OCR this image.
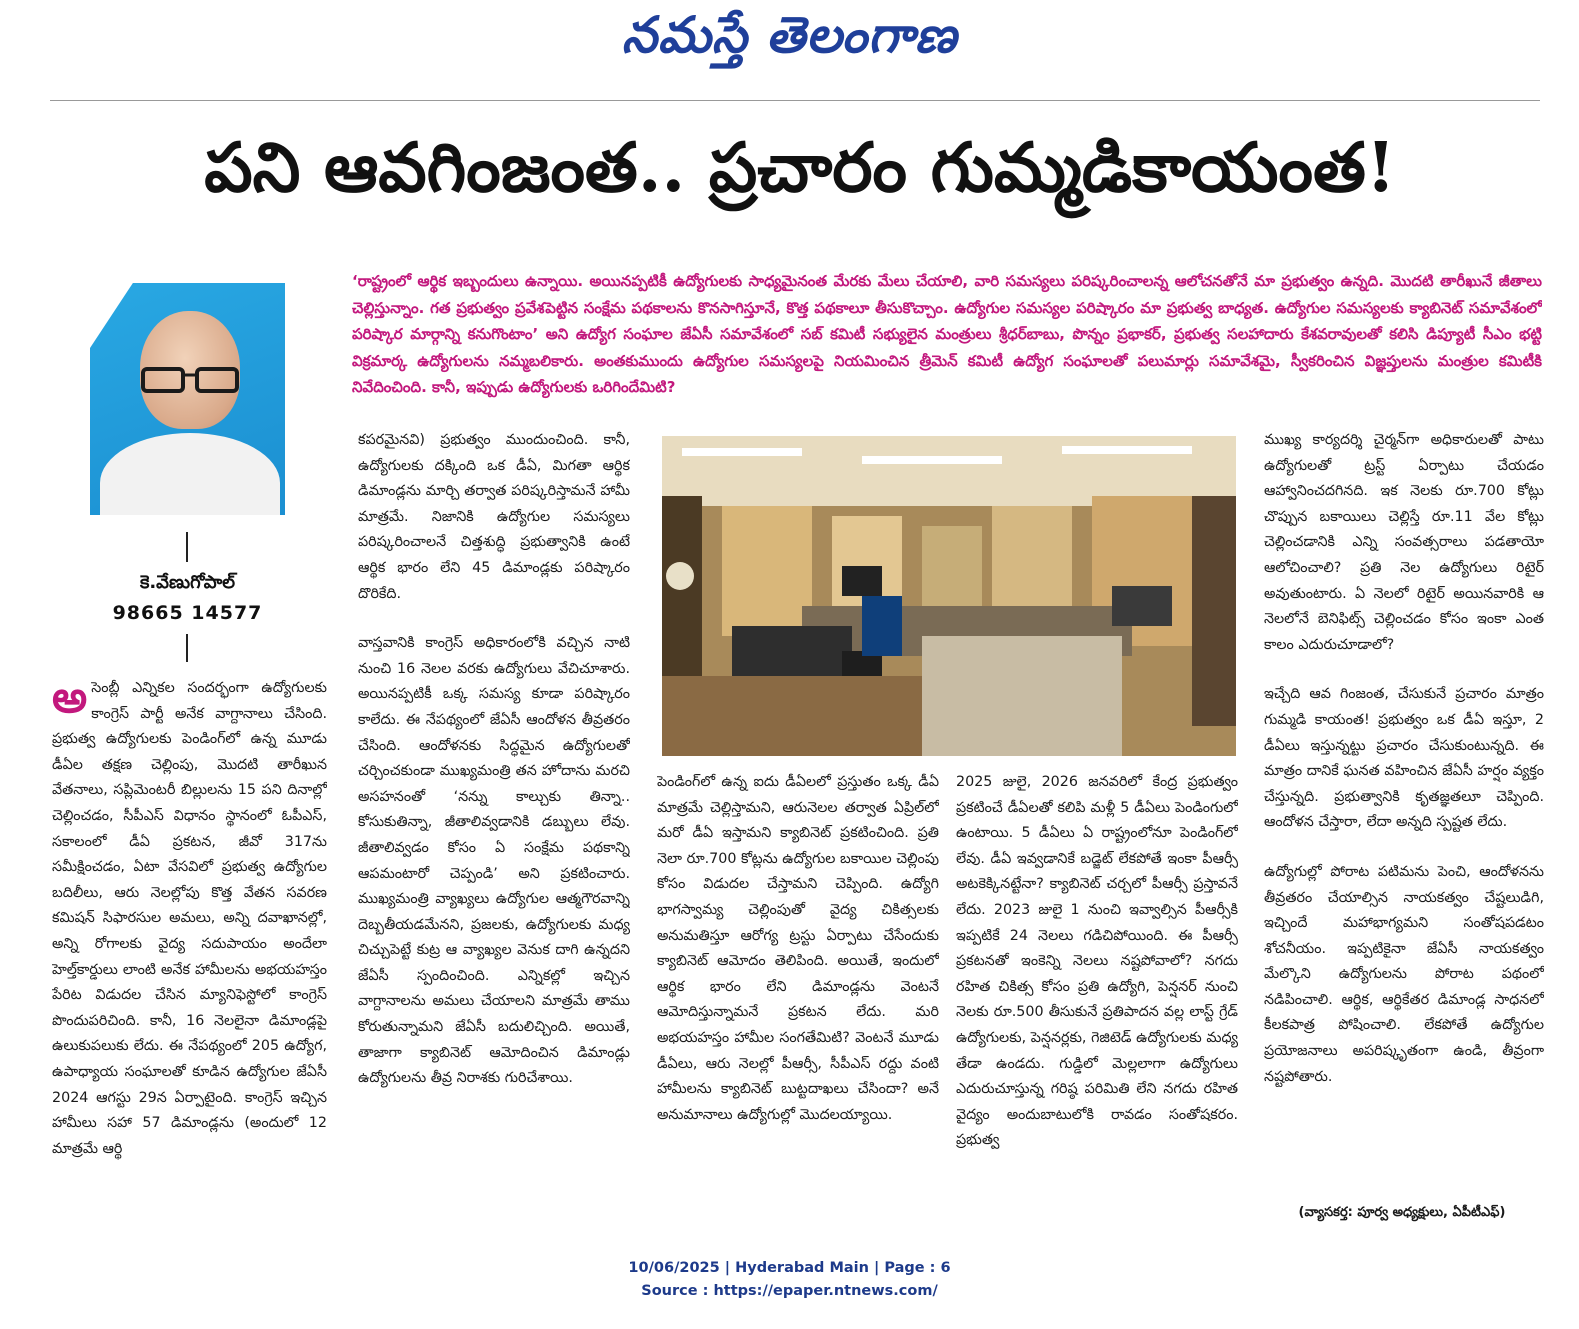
నమస్తే తెలంగాణ
పని ఆవగింజంత.. ప్రచారం గుమ్మడికాయంత!
‘రాష్ట్రంలో ఆర్థిక ఇబ్బందులు ఉన్నాయి. అయినప్పటికీ ఉద్యోగులకు సాధ్యమైనంత మేరకు మేలు చేయాలి, వారి సమస్యలు పరిష్కరించాలన్న ఆలోచనతోనే మా ప్రభుత్వం ఉన్నది. మొదటి తారీఖునే జీతాలు చెల్లిస్తున్నాం. గత ప్రభుత్వం ప్రవేశపెట్టిన సంక్షేమ పథకాలను కొనసాగిస్తూనే, కొత్త పథకాలూ తీసుకొచ్చాం. ఉద్యోగుల సమస్యల పరిష్కారం మా ప్రభుత్వ బాధ్యత. ఉద్యోగుల సమస్యలకు క్యాబినెట్ సమావేశంలో పరిష్కార మార్గాన్ని కనుగొంటాం’ అని ఉద్యోగ సంఘాల జేఏసీ సమావేశంలో సబ్ కమిటీ సభ్యులైన మంత్రులు శ్రీధర్‌బాబు, పొన్నం ప్రభాకర్, ప్రభుత్వ సలహాదారు కేశవరావులతో కలిసి డిప్యూటీ సీఎం భట్టి విక్రమార్క ఉద్యోగులను నమ్మబలికారు. అంతకుముందు ఉద్యోగుల సమస్యలపై నియమించిన త్రీమెన్ కమిటీ ఉద్యోగ సంఘాలతో పలుమార్లు సమావేశమై, స్వీకరించిన విజ్ఞప్తులను మంత్రుల కమిటీకి నివేదించింది. కానీ, ఇప్పుడు ఉద్యోగులకు ఒరిగిందేమిటి?
కె.వేణుగోపాల్
98665 14577
అ సెంబ్లీ ఎన్నికల సందర్భంగా ఉద్యోగులకు కాంగ్రెస్ పార్టీ అనేక వాగ్దానాలు చేసింది. ప్రభుత్వ ఉద్యోగులకు పెండింగ్‌లో ఉన్న మూడు డీఏల తక్షణ చెల్లింపు, మొదటి తారీఖున వేతనాలు, సప్లిమెంటరీ బిల్లులను 15 పని దినాల్లో చెల్లించడం, సీపీఎస్ విధానం స్థానంలో ఓపీఎస్, సకాలంలో డీఏ ప్రకటన, జీవో 317ను సమీక్షించడం, ఏటా వేసవిలో ప్రభుత్వ ఉద్యోగుల బదిలీలు, ఆరు నెలల్లోపు కొత్త వేతన సవరణ కమిషన్ సిఫారసుల అమలు, అన్ని దవాఖానల్లో, అన్ని రోగాలకు వైద్య సదుపాయం అందేలా హెల్త్‌కార్డులు లాంటి అనేక హామీలను అభయహస్తం పేరిట విడుదల చేసిన మ్యానిఫెస్టోలో కాంగ్రెస్ పొందుపరిచింది. కానీ, 16 నెలలైనా డిమాండ్లపై ఉలుకుపలుకు లేదు. ఈ నేపథ్యంలో 205 ఉద్యోగ, ఉపాధ్యాయ సంఘాలతో కూడిన ఉద్యోగుల జేఏసీ 2024 ఆగస్టు 29న ఏర్పాటైంది. కాంగ్రెస్ ఇచ్చిన హామీలు సహా 57 డిమాండ్లను (అందులో 12 మాత్రమే ఆర్థి

కపరమైనవి) ప్రభుత్వం ముందుంచింది. కానీ, ఉద్యోగులకు దక్కింది ఒక డీఏ, మిగతా ఆర్థిక డిమాండ్లను మార్చి తర్వాత పరిష్కరిస్తామనే హామీ మాత్రమే. నిజానికి ఉద్యోగుల సమస్యలు పరిష్కరించాలనే చిత్తశుద్ధి ప్రభుత్వానికి ఉంటే ఆర్థిక భారం లేని 45 డిమాండ్లకు పరిష్కారం దొరికేది.

వాస్తవానికి కాంగ్రెస్ అధికారంలోకి వచ్చిన నాటి నుంచి 16 నెలల వరకు ఉద్యోగులు వేచిచూశారు. అయినప్పటికీ ఒక్క సమస్య కూడా పరిష్కారం కాలేదు. ఈ నేపథ్యంలో జేఏసీ ఆందోళన తీవ్రతరం చేసింది. ఆందోళనకు సిద్ధమైన ఉద్యోగులతో చర్చించకుండా ముఖ్యమంత్రి తన హోదాను మరచి అసహనంతో ‘నన్ను కాల్చుకు తిన్నా.. కోసుకుతిన్నా, జీతాలివ్వడానికి డబ్బులు లేవు. జీతాలివ్వడం కోసం ఏ సంక్షేమ పథకాన్ని ఆపమంటారో చెప్పండి’ అని ప్రకటించారు. ముఖ్యమంత్రి వ్యాఖ్యలు ఉద్యోగుల ఆత్మగౌరవాన్ని దెబ్బతీయడమేనని, ప్రజలకు, ఉద్యోగులకు మధ్య చిచ్చుపెట్టే కుట్ర ఆ వ్యాఖ్యల వెనుక దాగి ఉన్నదని జేఏసీ స్పందించింది. ఎన్నికల్లో ఇచ్చిన వాగ్దానాలను అమలు చేయాలని మాత్రమే తాము కోరుతున్నామని జేఏసీ బదులిచ్చింది. అయితే, తాజాగా క్యాబినెట్ ఆమోదించిన డిమాండ్లు ఉద్యోగులను తీవ్ర నిరాశకు గురిచేశాయి.

పెండింగ్‌లో ఉన్న ఐదు డీఏలలో ప్రస్తుతం ఒక్క డీఏ మాత్రమే చెల్లిస్తామని, ఆరునెలల తర్వాత ఏప్రిల్‌లో మరో డీఏ ఇస్తామని క్యాబినెట్ ప్రకటించింది. ప్రతి నెలా రూ.700 కోట్లను ఉద్యోగుల బకాయిల చెల్లింపు కోసం విడుదల చేస్తామని చెప్పింది. ఉద్యోగి భాగస్వామ్య చెల్లింపుతో వైద్య చికిత్సలకు అనుమతిస్తూ ఆరోగ్య ట్రస్టు ఏర్పాటు చేసేందుకు క్యాబినెట్ ఆమోదం తెలిపింది. అయితే, ఇందులో ఆర్థిక భారం లేని డిమాండ్లను వెంటనే ఆమోదిస్తున్నామనే ప్రకటన లేదు. మరి అభయహస్తం హామీల సంగతేమిటి? వెంటనే మూడు డీఏలు, ఆరు నెలల్లో పీఆర్సీ, సీపీఎస్ రద్దు వంటి హామీలను క్యాబినెట్ బుట్టదాఖలు చేసిందా? అనే అనుమానాలు ఉద్యోగుల్లో మొదలయ్యాయి.
2025 జులై, 2026 జనవరిలో కేంద్ర ప్రభుత్వం ప్రకటించే డీఏలతో కలిపి మళ్లీ 5 డీఏలు పెండింగులో ఉంటాయి. 5 డీఏలు ఏ రాష్ట్రంలోనూ పెండింగ్‌లో లేవు. డీఏ ఇవ్వడానికే బడ్జెట్ లేకపోతే ఇంకా పీఆర్సీ అటకెక్కినట్టేనా? క్యాబినెట్ చర్చలో పీఆర్సీ ప్రస్తావనే లేదు. 2023 జులై 1 నుంచి ఇవ్వాల్సిన పీఆర్సీకి ఇప్పటికే 24 నెలలు గడిచిపోయింది. ఈ పీఆర్సీ ప్రకటనతో ఇంకెన్ని నెలలు నష్టపోవాలో? నగదు రహిత చికిత్స కోసం ప్రతి ఉద్యోగి, పెన్షనర్ నుంచి నెలకు రూ.500 తీసుకునే ప్రతిపాదన వల్ల లాస్ట్ గ్రేడ్ ఉద్యోగులకు, పెన్షనర్లకు, గెజిటెడ్ ఉద్యోగులకు మధ్య తేడా ఉండదు. గుడ్డిలో మెల్లలాగా ఉద్యోగులు ఎదురుచూస్తున్న గరిష్ఠ పరిమితి లేని నగదు రహిత వైద్యం అందుబాటులోకి రావడం సంతోషకరం. ప్రభుత్వ

ముఖ్య కార్యదర్శి చైర్మన్‌గా అధికారులతో పాటు ఉద్యోగులతో ట్రస్ట్ ఏర్పాటు చేయడం ఆహ్వానించదగినది. ఇక నెలకు రూ.700 కోట్లు చొప్పున బకాయిలు చెల్లిస్తే రూ.11 వేల కోట్లు చెల్లించడానికి ఎన్ని సంవత్సరాలు పడతాయో ఆలోచించాలి? ప్రతి నెల ఉద్యోగులు రిటైర్ అవుతుంటారు. ఏ నెలలో రిటైర్ అయినవారికి ఆ నెలలోనే బెనిఫిట్స్ చెల్లించడం కోసం ఇంకా ఎంత కాలం ఎదురుచూడాలో?

ఇచ్చేది ఆవ గింజంత, చేసుకునే ప్రచారం మాత్రం గుమ్మడి కాయంత! ప్రభుత్వం ఒక డీఏ ఇస్తూ, 2 డీఏలు ఇస్తున్నట్టు ప్రచారం చేసుకుంటున్నది. ఈ మాత్రం దానికే ఘనత వహించిన జేఏసీ హర్షం వ్యక్తం చేస్తున్నది. ప్రభుత్వానికి కృతజ్ఞతలూ చెప్పింది. ఆందోళన చేస్తారా, లేదా అన్నది స్పష్టత లేదు.

ఉద్యోగుల్లో పోరాట పటిమను పెంచి, ఆందోళనను తీవ్రతరం చేయాల్సిన నాయకత్వం చేష్టలుడిగి, ఇచ్చిందే మహాభాగ్యమని సంతోషపడటం శోచనీయం. ఇప్పటికైనా జేఏసీ నాయకత్వం మేల్కొని ఉద్యోగులను పోరాట పథంలో నడిపించాలి. ఆర్థిక, ఆర్థికేతర డిమాండ్ల సాధనలో కీలకపాత్ర పోషించాలి. లేకపోతే ఉద్యోగుల ప్రయోజనాలు అపరిష్కృతంగా ఉండి, తీవ్రంగా నష్టపోతారు.

(వ్యాసకర్త: పూర్వ అధ్యక్షులు, ఏపీటీఎఫ్)
10/06/2025 | Hyderabad Main | Page : 6
Source : https://epaper.ntnews.com/
